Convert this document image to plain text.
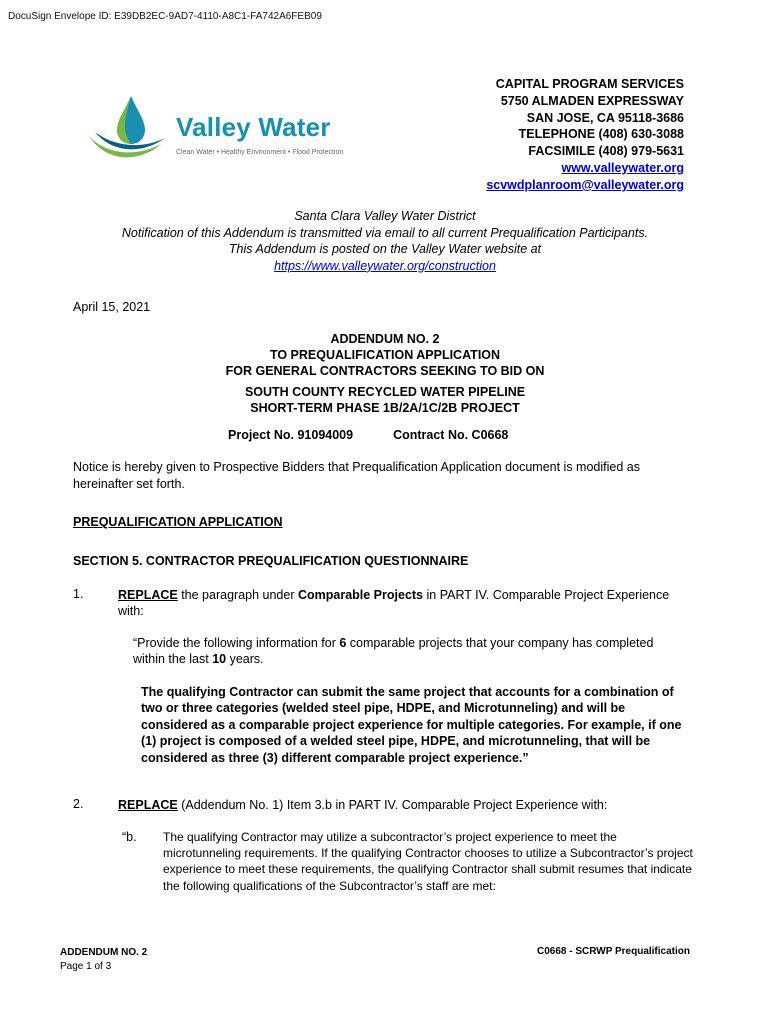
DocuSign Envelope ID: E39DB2EC-9AD7-4110-A8C1-FA742A6FEB09
Valley Water
Clean Water • Healthy Environment • Flood Protection
CAPITAL PROGRAM SERVICES
5750 ALMADEN EXPRESSWAY
SAN JOSE, CA 95118-3686
TELEPHONE (408) 630-3088
FACSIMILE (408) 979-5631
www.valleywater.org
scvwdplanroom@valleywater.org
Santa Clara Valley Water District
Notification of this Addendum is transmitted via email to all current Prequalification Participants.
This Addendum is posted on the Valley Water website at
https://www.valleywater.org/construction
April 15, 2021
ADDENDUM NO. 2
TO PREQUALIFICATION APPLICATION
FOR GENERAL CONTRACTORS SEEKING TO BID ON
SOUTH COUNTY RECYCLED WATER PIPELINE
SHORT-TERM PHASE 1B/2A/1C/2B PROJECT
Project No. 91094009	Contract No. C0668
Notice is hereby given to Prospective Bidders that Prequalification Application document is modified as hereinafter set forth.
PREQUALIFICATION APPLICATION
SECTION 5. CONTRACTOR PREQUALIFICATION QUESTIONNAIRE
1.	REPLACE the paragraph under Comparable Projects in PART IV. Comparable Project Experience with:
“Provide the following information for 6 comparable projects that your company has completed within the last 10 years.
The qualifying Contractor can submit the same project that accounts for a combination of two or three categories (welded steel pipe, HDPE, and Microtunneling) and will be considered as a comparable project experience for multiple categories. For example, if one (1) project is composed of a welded steel pipe, HDPE, and microtunneling, that will be considered as three (3) different comparable project experience.”
2.	REPLACE (Addendum No. 1) Item 3.b in PART IV. Comparable Project Experience with:
“b. The qualifying Contractor may utilize a subcontractor’s project experience to meet the microtunneling requirements. If the qualifying Contractor chooses to utilize a Subcontractor’s project experience to meet these requirements, the qualifying Contractor shall submit resumes that indicate the following qualifications of the Subcontractor’s staff are met:
ADDENDUM NO. 2
Page 1 of 3
C0668 - SCRWP Prequalification
